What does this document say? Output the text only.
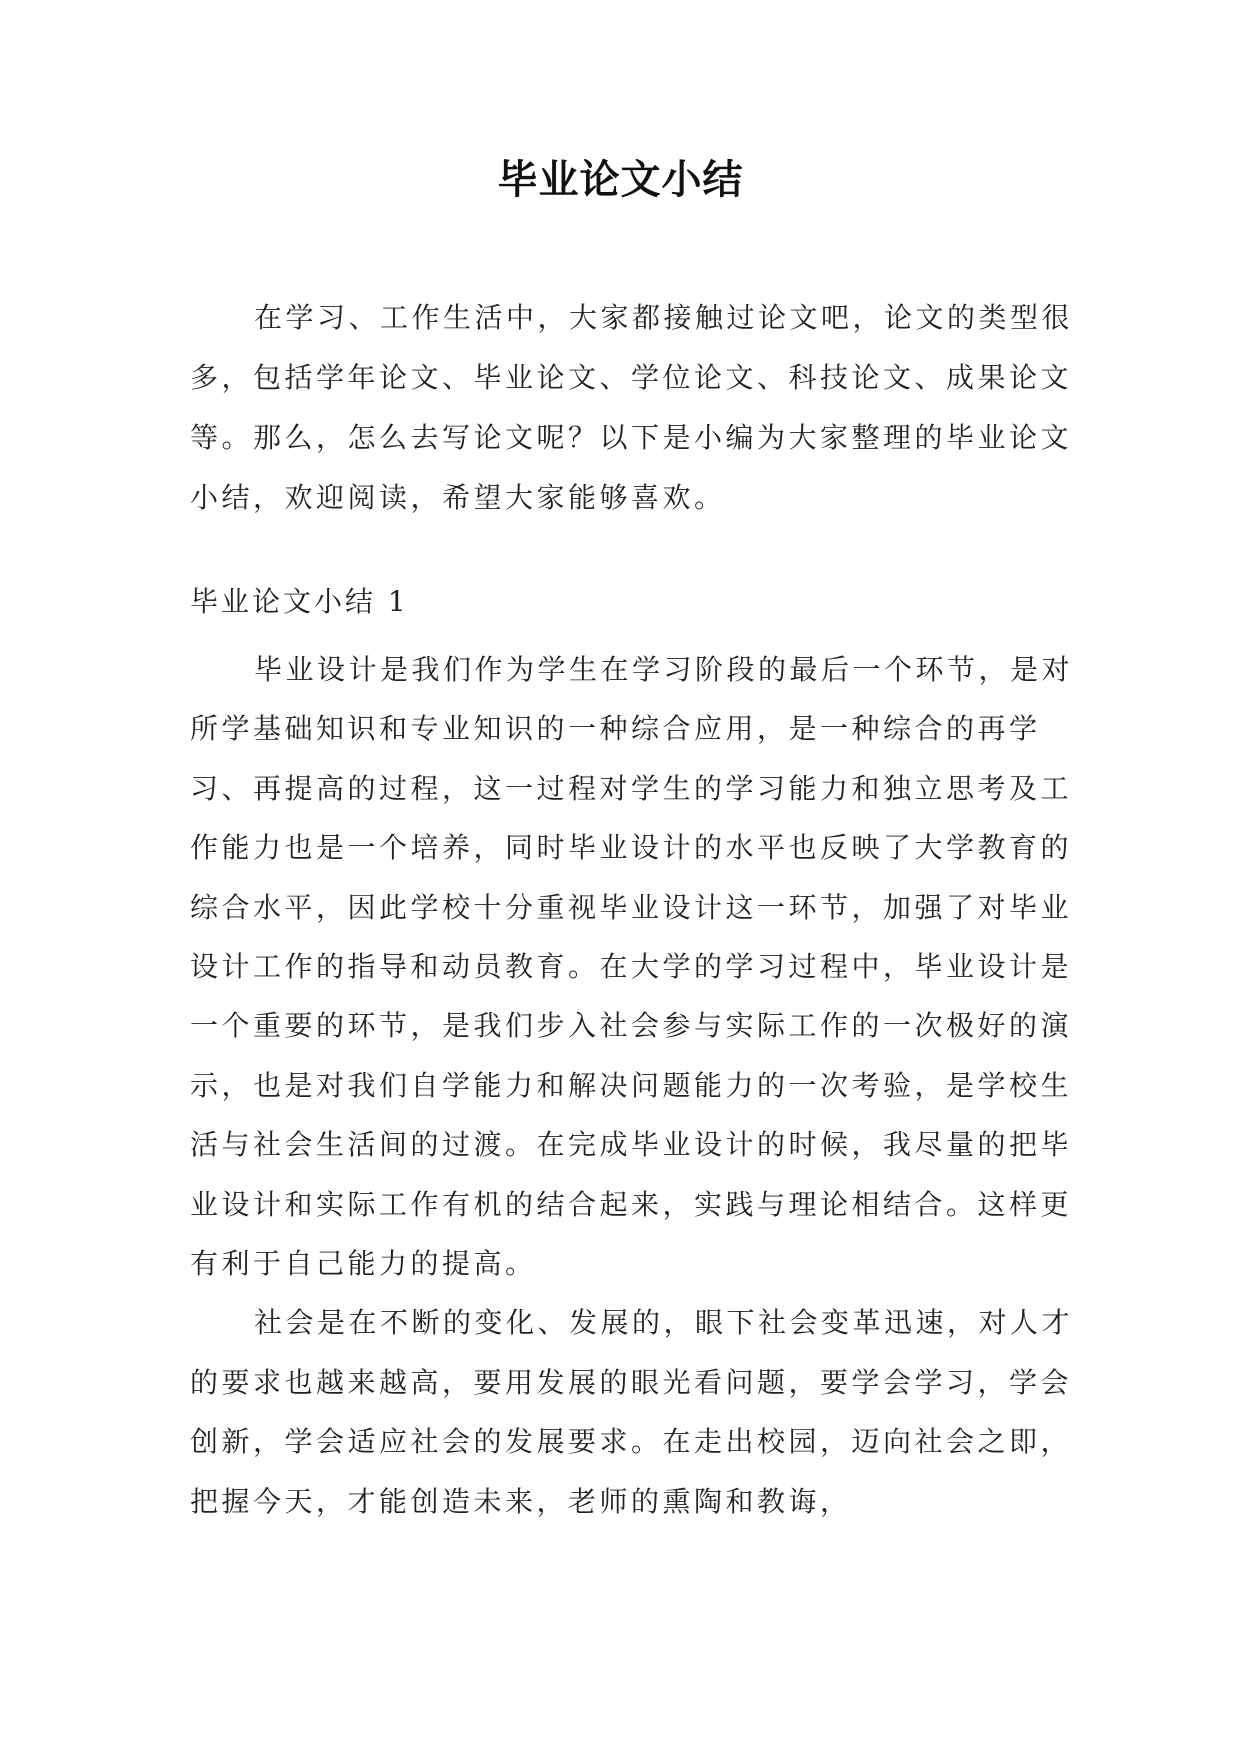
毕业论文小结

在学习、工作生活中，大家都接触过论文吧，论文的类型很多，包括学年论文、毕业论文、学位论文、科技论文、成果论文等。那么，怎么去写论文呢？以下是小编为大家整理的毕业论文小结，欢迎阅读，希望大家能够喜欢。

毕业论文小结 1

毕业设计是我们作为学生在学习阶段的最后一个环节，是对所学基础知识和专业知识的一种综合应用，是一种综合的再学习、再提高的过程，这一过程对学生的学习能力和独立思考及工作能力也是一个培养，同时毕业设计的水平也反映了大学教育的综合水平，因此学校十分重视毕业设计这一环节，加强了对毕业设计工作的指导和动员教育。在大学的学习过程中，毕业设计是一个重要的环节，是我们步入社会参与实际工作的一次极好的演示，也是对我们自学能力和解决问题能力的一次考验，是学校生活与社会生活间的过渡。在完成毕业设计的时候，我尽量的把毕业设计和实际工作有机的结合起来，实践与理论相结合。这样更有利于自己能力的提高。

社会是在不断的变化、发展的，眼下社会变革迅速，对人才的要求也越来越高，要用发展的眼光看问题，要学会学习，学会创新，学会适应社会的发展要求。在走出校园，迈向社会之即，把握今天，才能创造未来，老师的熏陶和教诲，
